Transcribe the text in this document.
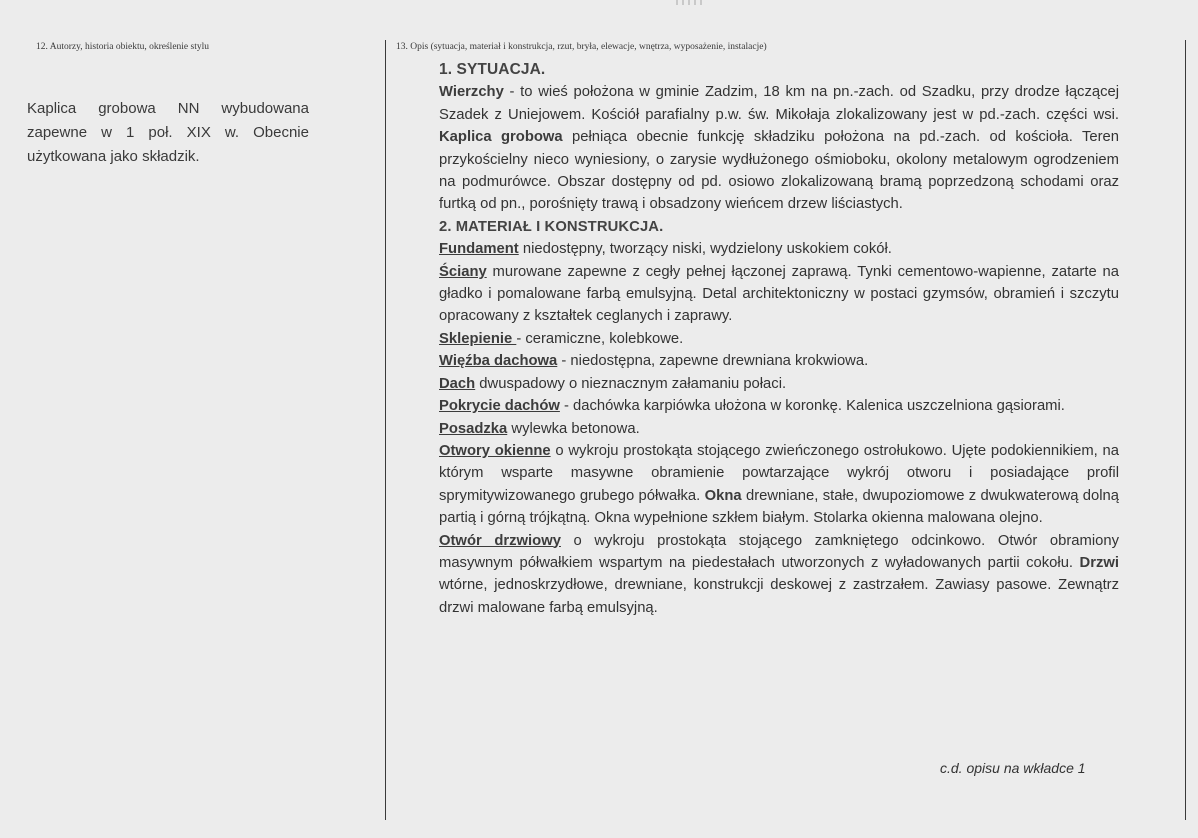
12. Autorzy, historia obiektu, określenie stylu	13. Opis (sytuacja, materiał i konstrukcja, rzut, bryła, elewacje, wnętrza, wyposażenie, instalacje)
Kaplica grobowa NN wybudowana zapewne w 1 poł. XIX w. Obecnie użytkowana jako składzik.

1. SYTUACJA.

Wierzchy - to wieś położona w gminie Zadzim, 18 km na pn.-zach. od Szadku, przy drodze łączącej Szadek z Uniejowem. Kościół parafialny p.w. św. Mikołaja zlokalizowany jest w pd.-zach. części wsi. Kaplica grobowa pełniąca obecnie funkcję składziku położona na pd.-zach. od kościoła. Teren przykościelny nieco wyniesiony, o zarysie wydłużonego ośmioboku, okolony metalowym ogrodzeniem na podmurówce. Obszar dostępny od pd. osiowo zlokalizowaną bramą poprzedzoną schodami oraz furtką od pn., porośnięty trawą i obsadzony wieńcem drzew liściastych.

2. MATERIAŁ I KONSTRUKCJA.

Fundament niedostępny, tworzący niski, wydzielony uskokiem cokół.

Ściany murowane zapewne z cegły pełnej łączonej zaprawą. Tynki cementowo-wapienne, zatarte na gładko i pomalowane farbą emulsyjną. Detal architektoniczny w postaci gzymsów, obramień i szczytu opracowany z kształtek ceglanych i zaprawy.

Sklepienie - ceramiczne, kolebkowe.

Więźba dachowa - niedostępna, zapewne drewniana krokwiowa.

Dach dwuspadowy o nieznacznym załamaniu połaci.

Pokrycie dachów - dachówka karpiówka ułożona w koronkę. Kalenica uszczelniona gąsiorami.

Posadzka wylewka betonowa.

Otwory okienne o wykroju prostokąta stojącego zwieńczonego ostrołukowo. Ujęte podokiennikiem, na którym wsparte masywne obramienie powtarzające wykrój otworu i posiadające profil sprymitywizowanego grubego półwałka. Okna drewniane, stałe, dwupoziomowe z dwukwaterową dolną partią i górną trójkątną. Okna wypełnione szkłem białym. Stolarka okienna malowana olejno.

Otwór drzwiowy o wykroju prostokąta stojącego zamkniętego odcinkowo. Otwór obramiony masywnym półwałkiem wspartym na piedestałach utworzonych z wyładowanych partii cokołu. Drzwi wtórne, jednoskrzydłowe, drewniane, konstrukcji deskowej z zastrzałem. Zawiasy pasowe. Zewnątrz drzwi malowane farbą emulsyjną.

c.d. opisu na wkładce 1
